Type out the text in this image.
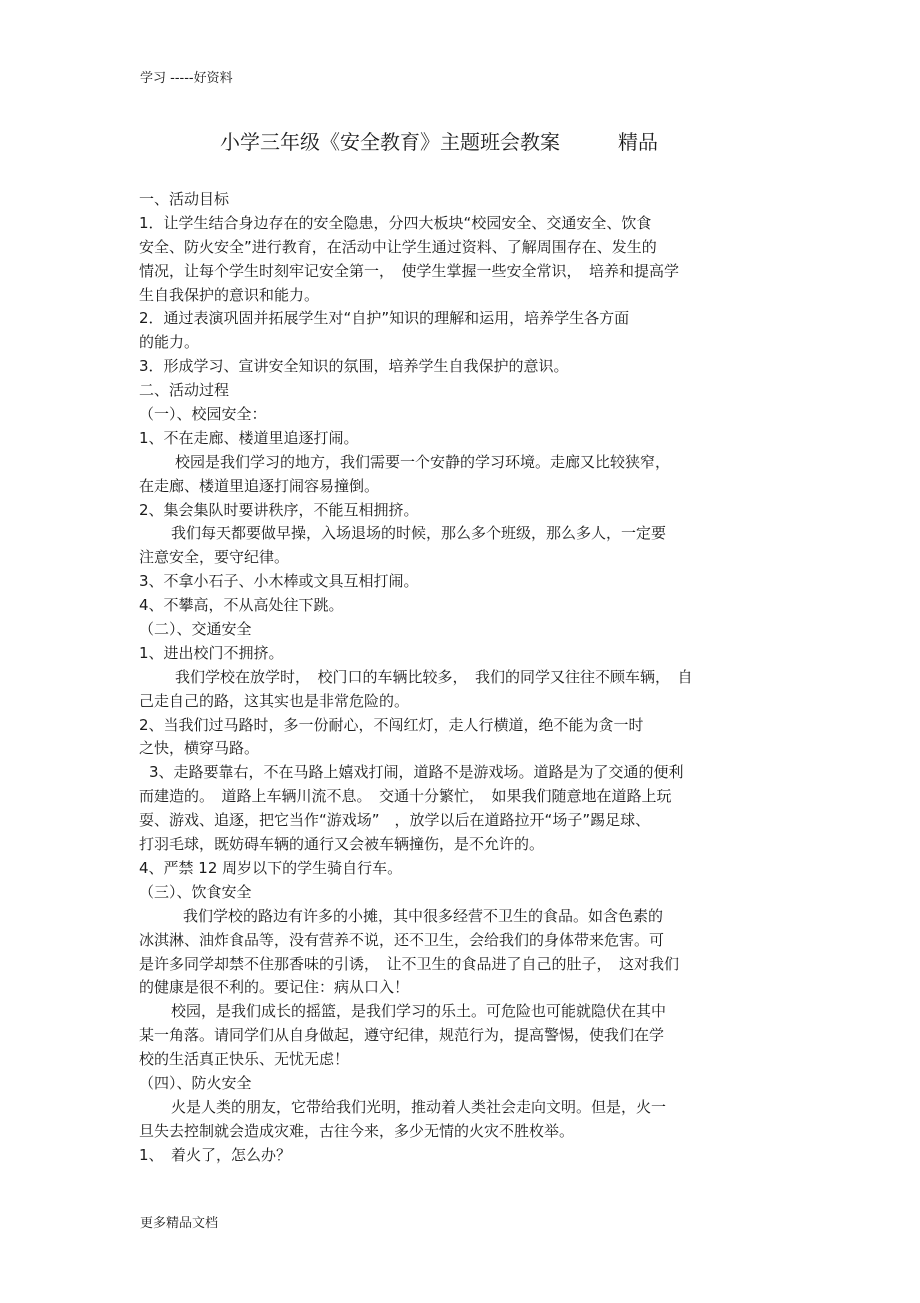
学习 -----好资料
小学三年级《安全教育》主题班会教案	精品
一、活动目标
1．让学生结合身边存在的安全隐患，分四大板块“校园安全、交通安全、饮食
安全、防火安全”进行教育，在活动中让学生通过资料、了解周围存在、发生的
情况，让每个学生时刻牢记安全第一，　使学生掌握一些安全常识，　培养和提高学
生自我保护的意识和能力。
2．通过表演巩固并拓展学生对“自护”知识的理解和运用，培养学生各方面
的能力。
3．形成学习、宣讲安全知识的氛围，培养学生自我保护的意识。
二、活动过程
（一）、校园安全：
1、不在走廊、楼道里追逐打闹。
校园是我们学习的地方，我们需要一个安静的学习环境。走廊又比较狭窄，
在走廊、楼道里追逐打闹容易撞倒。
2、集会集队时要讲秩序，不能互相拥挤。
我们每天都要做早操，入场退场的时候，那么多个班级，那么多人，一定要
注意安全，要守纪律。
3、不拿小石子、小木棒或文具互相打闹。
4、不攀高，不从高处往下跳。
（二）、交通安全
1、进出校门不拥挤。
我们学校在放学时，　校门口的车辆比较多，　我们的同学又往往不顾车辆，　自
己走自己的路，这其实也是非常危险的。
2、当我们过马路时，多一份耐心，不闯红灯，走人行横道，绝不能为贪一时
之快，横穿马路。
3、走路要靠右，不在马路上嬉戏打闹，道路不是游戏场。道路是为了交通的便利
而建造的。　道路上车辆川流不息。　交通十分繁忙，　如果我们随意地在道路上玩
耍、游戏、追逐，把它当作“游戏场”　，放学以后在道路拉开“场子”踢足球、
打羽毛球，既妨碍车辆的通行又会被车辆撞伤，是不允许的。
4、严禁 12 周岁以下的学生骑自行车。
（三）、饮食安全
我们学校的路边有许多的小摊，其中很多经营不卫生的食品。如含色素的
冰淇淋、油炸食品等，没有营养不说，还不卫生，会给我们的身体带来危害。可
是许多同学却禁不住那香味的引诱，　让不卫生的食品进了自己的肚子，　这对我们
的健康是很不利的。要记住：病从口入！
校园，是我们成长的摇篮，是我们学习的乐土。可危险也可能就隐伏在其中
某一角落。请同学们从自身做起，遵守纪律，规范行为，提高警惕，使我们在学
校的生活真正快乐、无忧无虑！
（四）、防火安全
火是人类的朋友，它带给我们光明，推动着人类社会走向文明。但是，火一
旦失去控制就会造成灾难，古往今来，多少无情的火灾不胜枚举。
1、　着火了，怎么办？
更多精品文档
